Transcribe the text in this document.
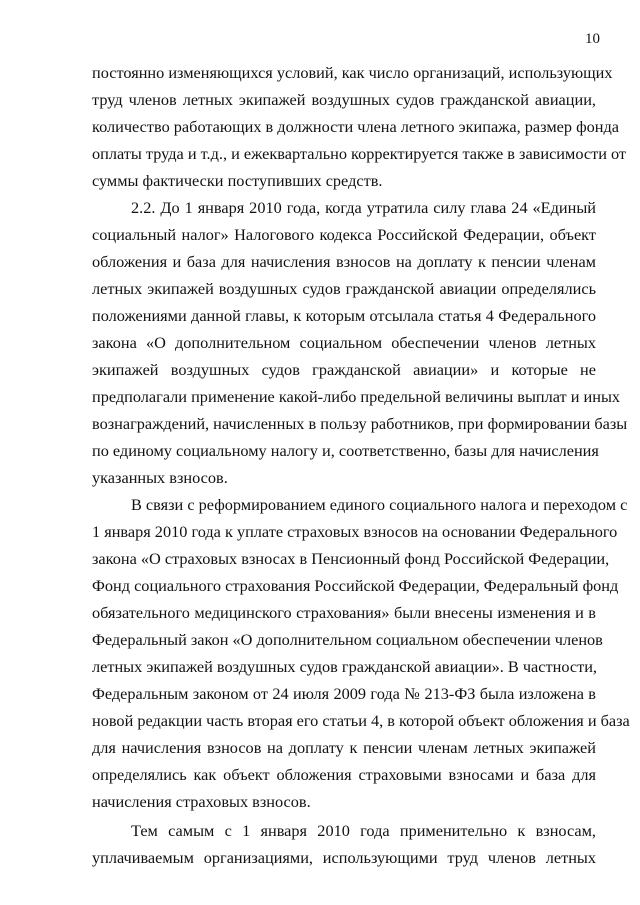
10
постоянно изменяющихся условий, как число организаций, использующих
труд членов летных экипажей воздушных судов гражданской авиации,
количество работающих в должности члена летного экипажа, размер фонда
оплаты труда и т.д., и ежеквартально корректируется также в зависимости от
суммы фактически поступивших средств.
2.2. До 1 января 2010 года, когда утратила силу глава 24 «Единый
социальный налог» Налогового кодекса Российской Федерации, объект
обложения и база для начисления взносов на доплату к пенсии членам
летных экипажей воздушных судов гражданской авиации определялись
положениями данной главы, к которым отсылала статья 4 Федерального
закона «О дополнительном социальном обеспечении членов летных
экипажей воздушных судов гражданской авиации» и которые не
предполагали применение какой-либо предельной величины выплат и иных
вознаграждений, начисленных в пользу работников, при формировании базы
по единому социальному налогу и, соответственно, базы для начисления
указанных взносов.
В связи с реформированием единого социального налога и переходом с
1 января 2010 года к уплате страховых взносов на основании Федерального
закона «О страховых взносах в Пенсионный фонд Российской Федерации,
Фонд социального страхования Российской Федерации, Федеральный фонд
обязательного медицинского страхования» были внесены изменения и в
Федеральный закон «О дополнительном социальном обеспечении членов
летных экипажей воздушных судов гражданской авиации». В частности,
Федеральным законом от 24 июля 2009 года № 213-ФЗ была изложена в
новой редакции часть вторая его статьи 4, в которой объект обложения и база
для начисления взносов на доплату к пенсии членам летных экипажей
определялись как объект обложения страховыми взносами и база для
начисления страховых взносов.
Тем самым с 1 января 2010 года применительно к взносам,
уплачиваемым организациями, использующими труд членов летных
